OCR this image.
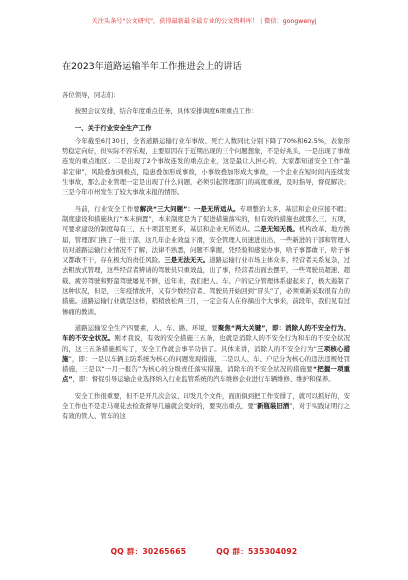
关注头条号"公文研究"，获得最新最全最专业的公文资料库！ | 微信：gongwenyj
在2023年道路运输半年工作推进会上的讲话
各位领导，同志们：
按照会议安排，结合年度重点任务，具体安排调度6项重点工作：
一、关于行业安全生产工作
今年截至6月30日，全省道路运输行业车事故、死亡人数同比分别下降了70%和62.5%，表象形势稳定向好，但实际不容乐观，主要原因在于近期出现的三个问题想象，不是好兆头，一是出现了事故连发的重点地区；二是出现了2个事故连发的重点企业，这是最让人担心的，大家都知道安全工作“墨菲定律”，风险叠加到极点，隐患叠加形成事故，小事故叠加形成大事故，一个企业在短时间内连续发生事故，那么企业管理一定是出现了什么问题，必须引起管理部门的高度重视，及时指导，督促解决；三是今年市州发生了较大事故未报的情形。
当前，行业安全工作要解决“三大问题”：一是无所适从。专项整治太多，基层和企业应接不暇；制度建设和措施执行“本末倒置”，本来制度是为了促进措施落实的，但有效的措施也就那么三、五项，可要求建设的制度每有三、五十项甚至更多，基层和企业无所适从。二是无知无畏。机构改革、地方换届，管理部门换了一批干部，这几年企业效益下滑，安全管理人员速进出出，一些新进的干部和管理人员对道路运输行业情况不了解，法律不熟悉，问题不掌握，凭经验和感觉办事，啥子事都敢干，啥子事又都敢不干，存在极大的责任风险。三是无法无天。道路运输行业市场主体众多，经营者关系复杂，过去粗放式管理，这些经营者辨请的驾驶员只重效益，出了事，经营者出面去摆平，一些驾驶员超速、超载、疲劳驾驶和野蛮驾驶屡见不鲜，近年来，我们把人、车、户的记分管理体系建起来了，极大遏制了这种状况，但是，三年疫情放开，又有少数经营者、驾驶员开始回到“冒头”了，必须重新采取很有力的措施。道路运输行业就是这样，稍稍放松两三月，一定会有人在你摘出个大事来，前段年，我们见有过惨痛的教训。
道路运输安全生产四要素，人、车、路、环境，要聚焦“两大关键”，即：消除人的不安全行为、车的不安全状况。刚才我说，有效的安全措施三五条，也就是消除人的不安全行为和车的不安全状况的，这三五条措施抓实了，安全工作就会事半功倍了。具体来讲，消除人的不安全行为“三项核心措施”，即：一是以车辆主防系统为核心的问题发现措施，二是以人、车、户记分为核心的违法违规处罚措施，三是以“一月一报告”为核心的分级责任落实措施，消除车的不安全状况的措施要“把握一项重点”，即：督促引导运输企业选择纳入行业监管系统的汽车维修企业进行车辆维修、维护和保养。
安全工作很重要，但不是开几次会议、印发几个文件，面面俱到把工作安排了，就可以抓好的，安全工作也不是走马观花去检查督导几遍就会变好的，要突出重点，要“新瓶装旧酒”，对于实践证明行之有效的管人、管车的这
QQ 群：30265665	QQ 群：535304092
